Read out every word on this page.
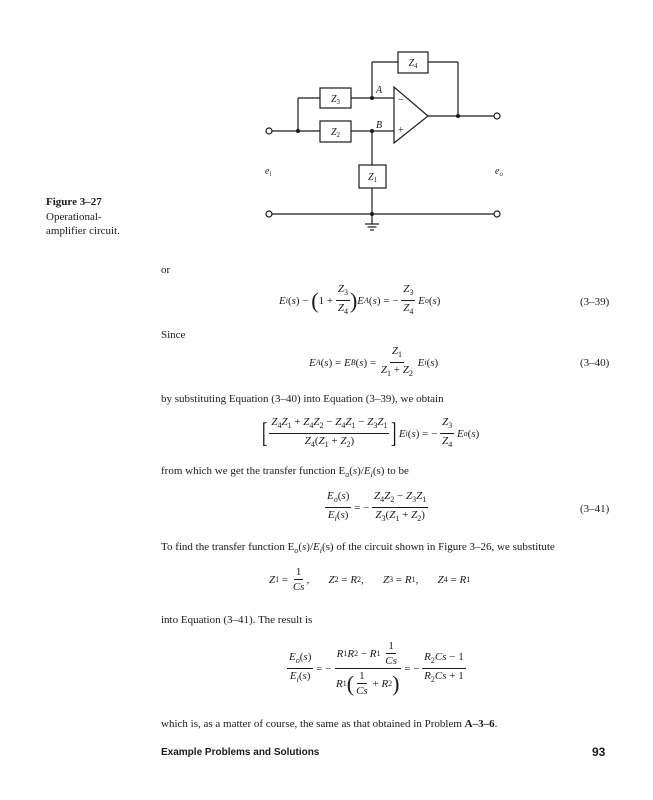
$Z_4$
$Z_3$
$Z_2$
$Z_1$
A
B
−
+
$e_i$	$e_o$
Figure 3–27
Operational-
amplifier circuit.
or
E i ( s ) − ( $1 + \frac{Z_3}{Z_4}$ ) E A ( s ) = − $\frac{Z_3}{Z_4}$
E o ( s )	(3–39)
Since
E A ( s ) = E B ( s ) = $\frac{Z_1}{Z_1 + Z_2}$
E i ( s )	(3–40)
by substituting Equation (3–40) into Equation (3–39), we obtain
[ $\frac{Z_4Z_1 + Z_4Z_2 - Z_4Z_1 - Z_3Z_1}{Z_4(Z_1 + Z_2)}$ ] E i ( s ) = − $\frac{Z_3}{Z_4}$
E o ( s )
from which we get the transfer function $E_o(s)/E_i(s)$ to be
$\frac{E_o(s)}{E_i(s)}$ = − $\frac{Z_4Z_2 - Z_3Z_1}{Z_3(Z_1 + Z_2)}$	(3–41)
To find the transfer function $E_o(s)/E_i(s)$ of the circuit shown in Figure 3–26, we substitute
Z $1 = \frac{1}{Cs}$ , Z 2 = R 2 , Z 3 = R 1 , Z 4 = R 1
into Equation (3–41). The result is
$\frac{E_o(s)}{E_i(s)}$ = − R 1 R 2 − R 1
$\frac{1}{Cs}$
R 1 ( $\frac{1}{Cs} + R$ 2 ) = − $\frac{R_2Cs - 1}{R_2Cs + 1}$
which is, as a matter of course, the same as that obtained in Problem A–3–6.
Example Problems and Solutions	93
